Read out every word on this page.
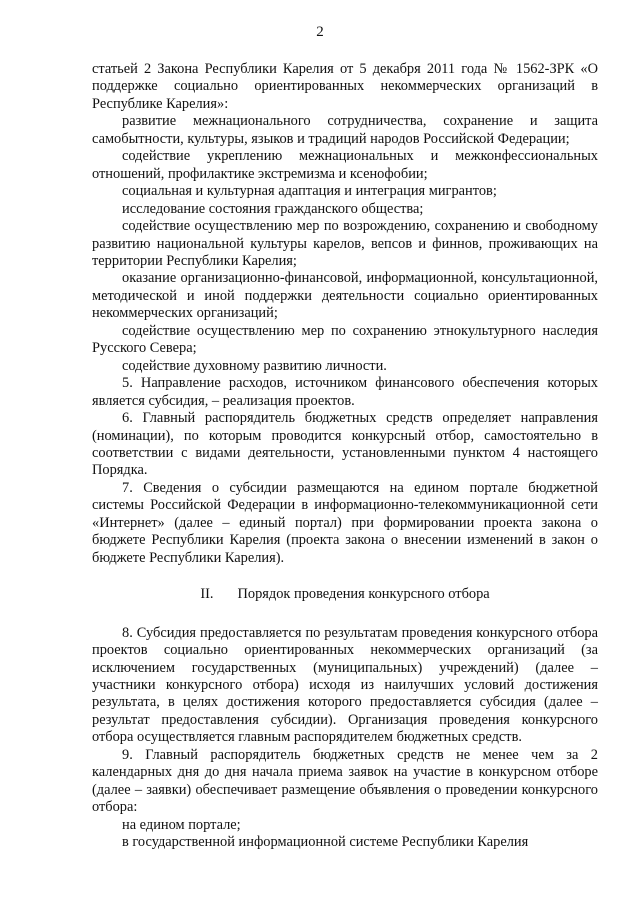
2

статьей 2 Закона Республики Карелия от 5 декабря 2011 года № 1562-ЗРК «О поддержке социально ориентированных некоммерческих организаций в Республике Карелия»:

развитие межнационального сотрудничества, сохранение и защита самобытности, культуры, языков и традиций народов Российской Федерации;

содействие укреплению межнациональных и межконфессиональных отношений, профилактике экстремизма и ксенофобии;

социальная и культурная адаптация и интеграция мигрантов;

исследование состояния гражданского общества;

содействие осуществлению мер по возрождению, сохранению и свободному развитию национальной культуры карелов, вепсов и финнов, проживающих на территории Республики Карелия;

оказание организационно-финансовой, информационной, консультационной, методической и иной поддержки деятельности социально ориентированных некоммерческих организаций;

содействие осуществлению мер по сохранению этнокультурного наследия Русского Севера;

содействие духовному развитию личности.

5. Направление расходов, источником финансового обеспечения которых является субсидия, – реализация проектов.

6. Главный распорядитель бюджетных средств определяет направления (номинации), по которым проводится конкурсный отбор, самостоятельно в соответствии с видами деятельности, установленными пунктом 4 настоящего Порядка.

7. Сведения о субсидии размещаются на едином портале бюджетной системы Российской Федерации в информационно-телекоммуникационной сети «Интернет» (далее – единый портал) при формировании проекта закона о бюджете Республики Карелия (проекта закона о внесении изменений в закон о бюджете Республики Карелия).

II. Порядок проведения конкурсного отбора

8. Субсидия предоставляется по результатам проведения конкурсного отбора проектов социально ориентированных некоммерческих организаций (за исключением государственных (муниципальных) учреждений) (далее – участники конкурсного отбора) исходя из наилучших условий достижения результата, в целях достижения которого предоставляется субсидия (далее – результат предоставления субсидии). Организация проведения конкурсного отбора осуществляется главным распорядителем бюджетных средств.

9. Главный распорядитель бюджетных средств не менее чем за 2 календарных дня до дня начала приема заявок на участие в конкурсном отборе (далее – заявки) обеспечивает размещение объявления о проведении конкурсного отбора:

на едином портале;

в государственной информационной системе Республики Карелия
